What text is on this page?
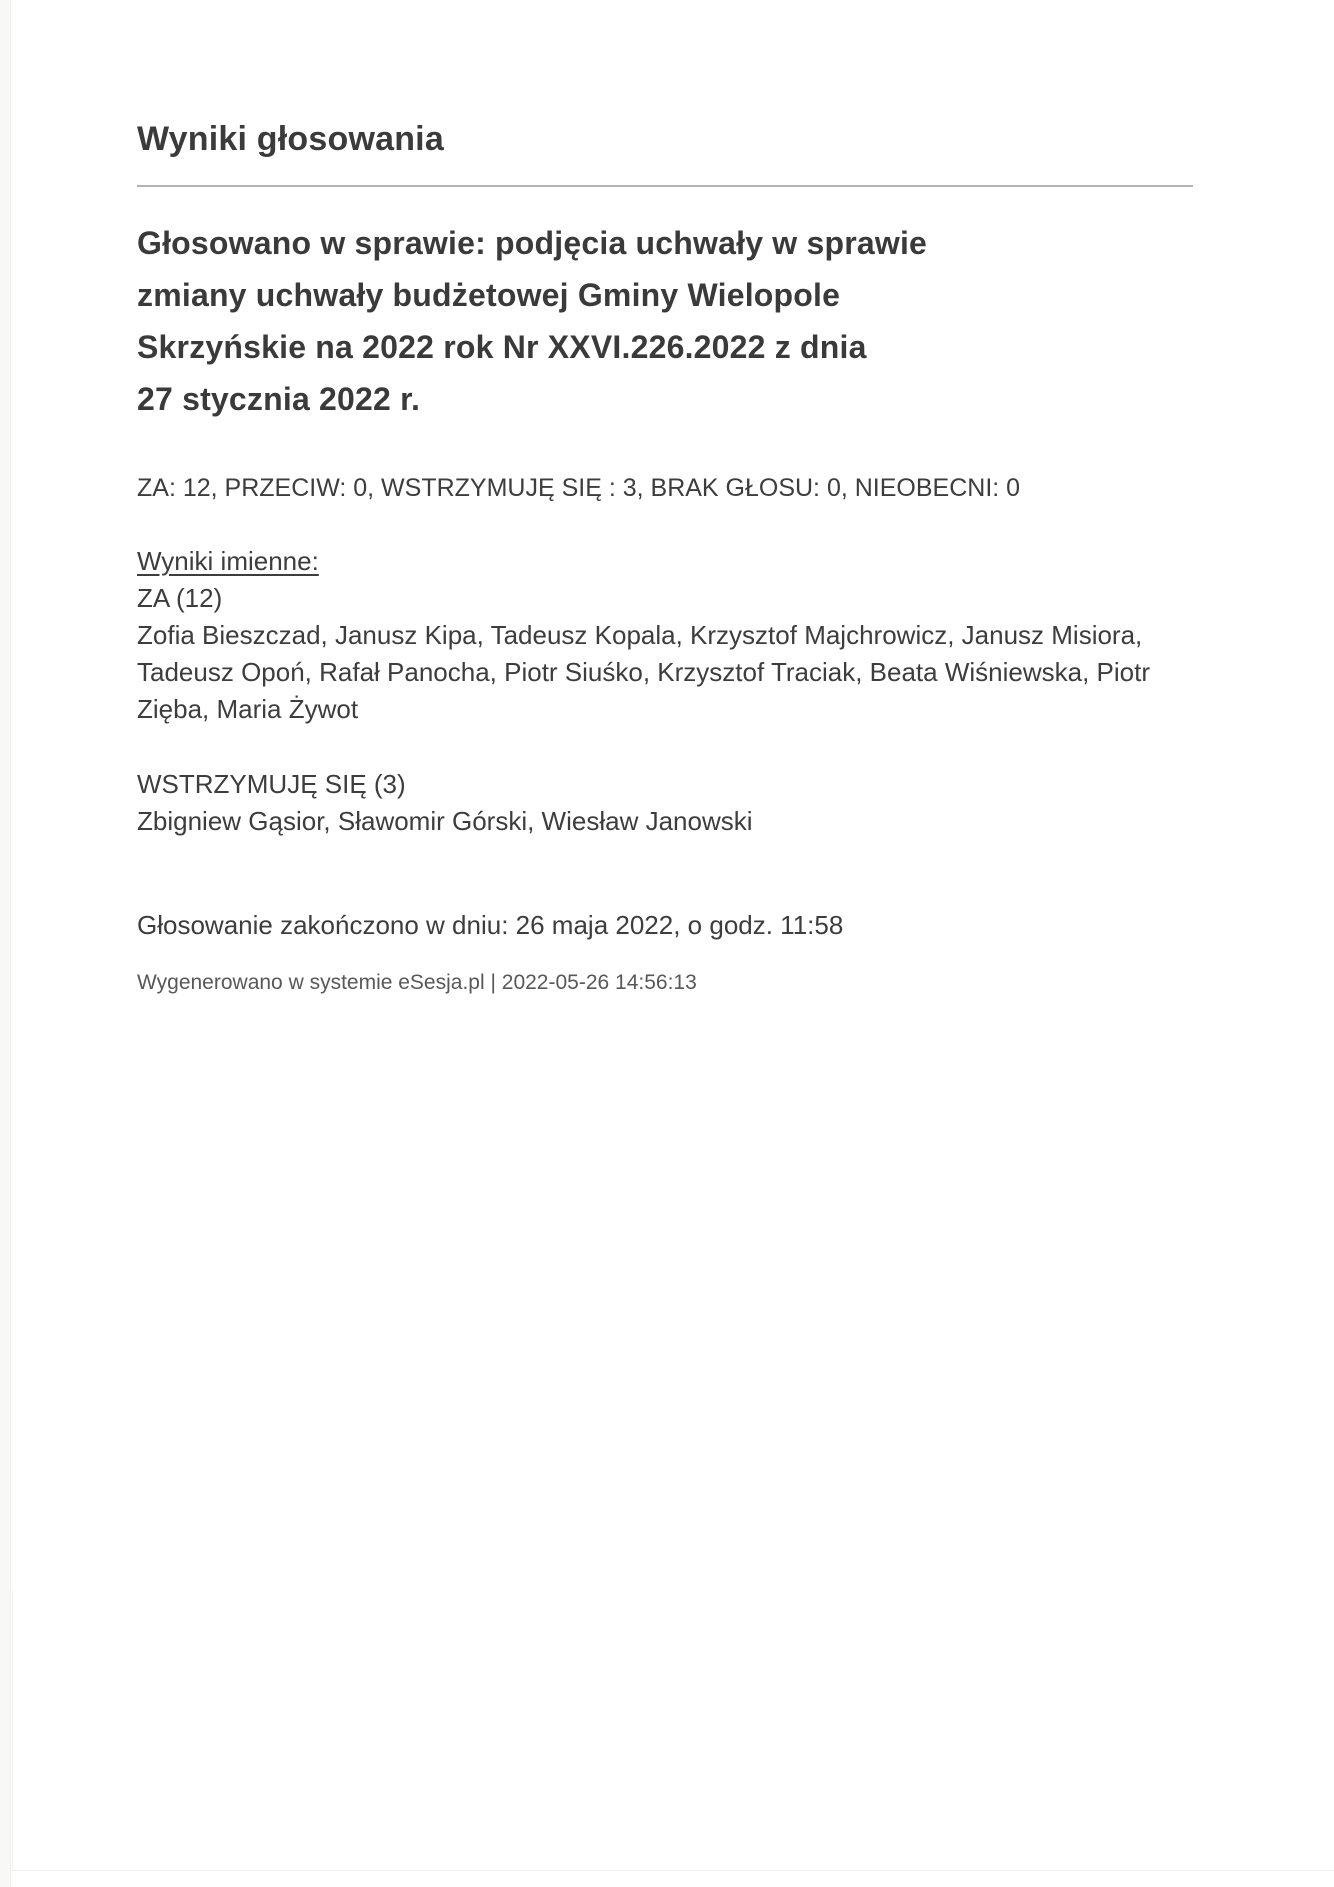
Wyniki głosowania
Głosowano w sprawie: podjęcia uchwały w sprawie
zmiany uchwały budżetowej Gminy Wielopole
Skrzyńskie na 2022 rok Nr XXVI.226.2022 z dnia
27 stycznia 2022 r.
ZA: 12, PRZECIW: 0, WSTRZYMUJĘ SIĘ : 3, BRAK GŁOSU: 0, NIEOBECNI: 0
Wyniki imienne:
ZA (12)
Zofia Bieszczad, Janusz Kipa, Tadeusz Kopala, Krzysztof Majchrowicz, Janusz Misiora, Tadeusz Opoń, Rafał Panocha, Piotr Siuśko, Krzysztof Traciak, Beata Wiśniewska, Piotr Zięba, Maria Żywot
WSTRZYMUJĘ SIĘ (3)
Zbigniew Gąsior, Sławomir Górski, Wiesław Janowski
Głosowanie zakończono w dniu: 26 maja 2022, o godz. 11:58
Wygenerowano w systemie eSesja.pl | 2022-05-26 14:56:13
